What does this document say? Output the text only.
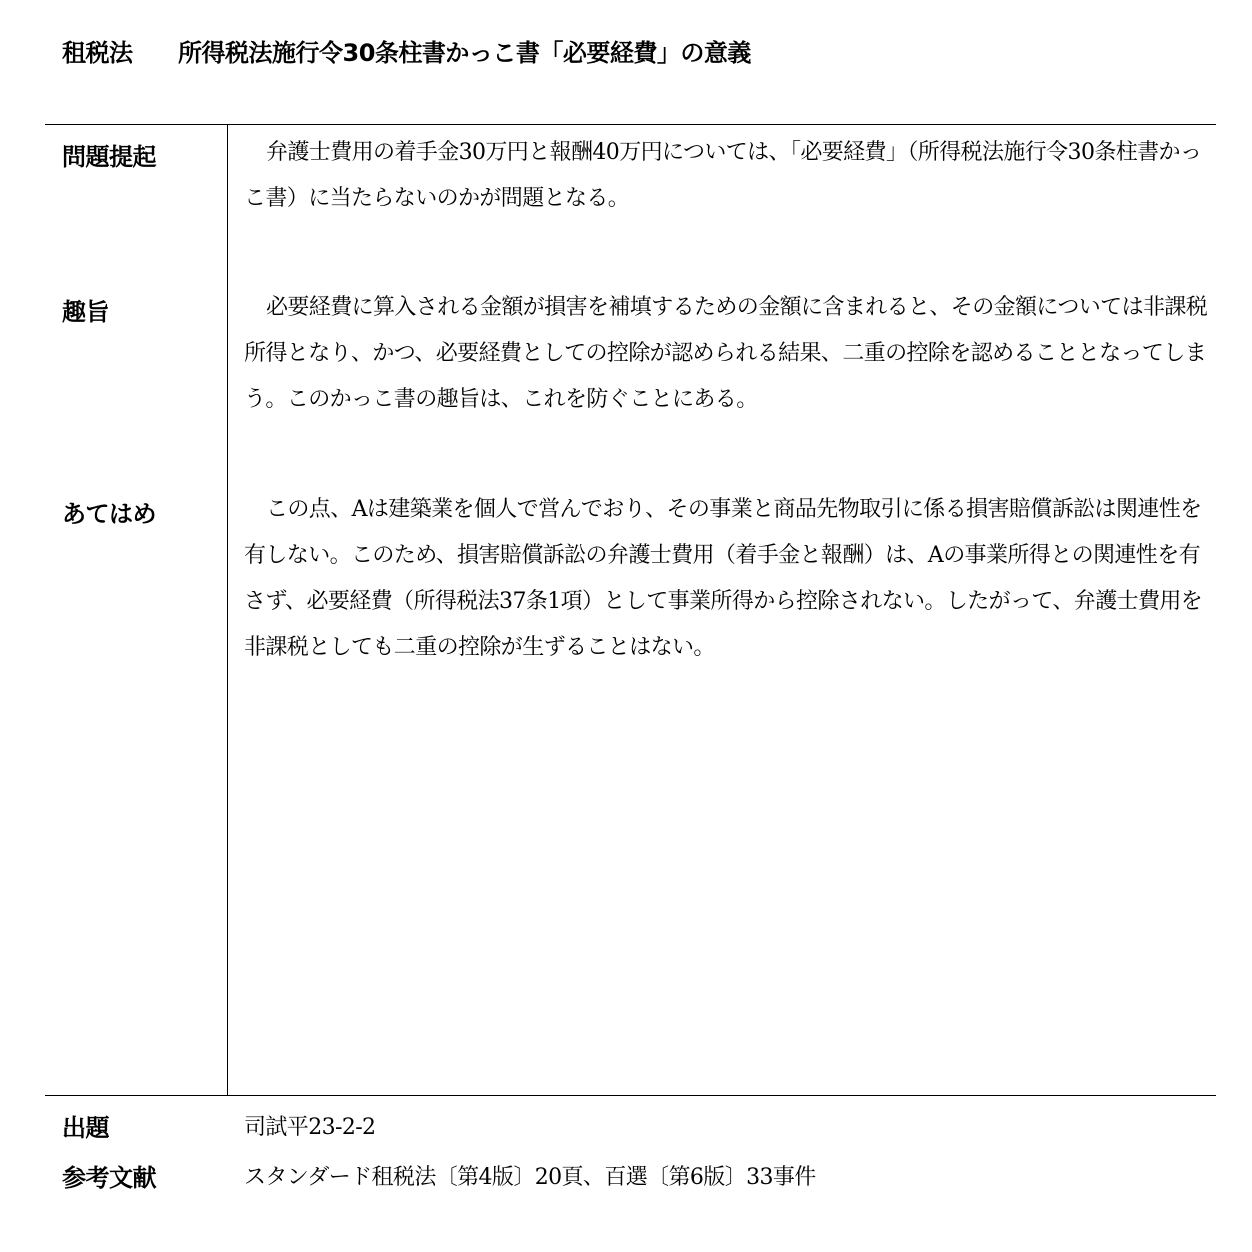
租税法 所得税法施行令30条柱書かっこ書「必要経費」の意義
問題提起	弁護士費用の着手金30万円と報酬40万円については、「必要経費」（所得税法施行令30条柱書かっこ書）に当たらないのかが問題となる。
趣旨	必要経費に算入される金額が損害を補填するための金額に含まれると、その金額については非課税所得となり、かつ、必要経費としての控除が認められる結果、二重の控除を認めることとなってしまう。このかっこ書の趣旨は、これを防ぐことにある。
あてはめ	この点、Aは建築業を個人で営んでおり、その事業と商品先物取引に係る損害賠償訴訟は関連性を有しない。このため、損害賠償訴訟の弁護士費用（着手金と報酬）は、Aの事業所得との関連性を有さず、必要経費（所得税法37条1項）として事業所得から控除されない。したがって、弁護士費用を非課税としても二重の控除が生ずることはない。
出題	司試平23-2-2
参考文献	スタンダード租税法〔第4版〕20頁、百選〔第6版〕33事件
